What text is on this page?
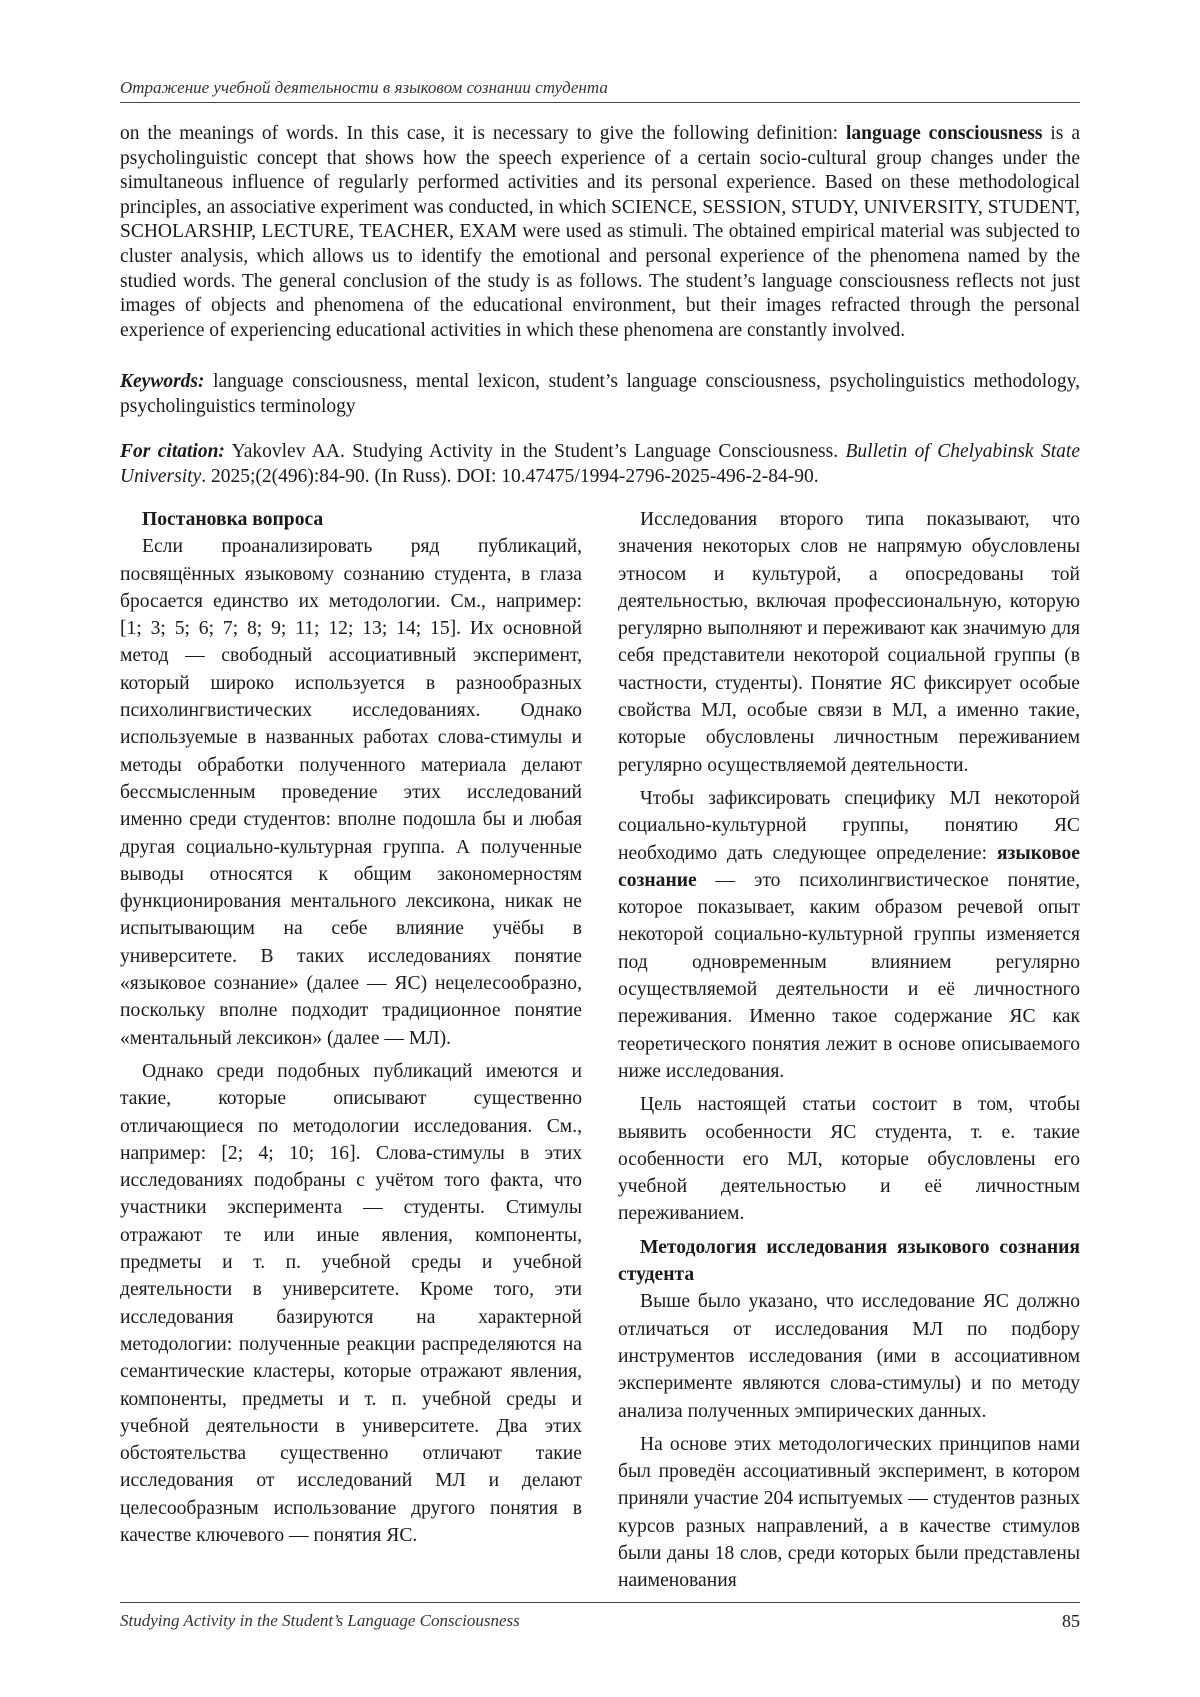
Отражение учебной деятельности в языковом сознании студента

on the meanings of words. In this case, it is necessary to give the following definition: language consciousness is a psycholinguistic concept that shows how the speech experience of a certain socio-cultural group changes under the simultaneous influence of regularly performed activities and its personal experience. Based on these methodological principles, an associative experiment was conducted, in which SCIENCE, SESSION, STUDY, UNIVERSITY, STUDENT, SCHOLARSHIP, LECTURE, TEACHER, EXAM were used as stimuli. The obtained empirical material was subjected to cluster analysis, which allows us to identify the emotional and personal experience of the phenomena named by the studied words. The general conclusion of the study is as follows. The student’s language consciousness reflects not just images of objects and phenomena of the educational environment, but their images refracted through the personal experience of experiencing educational activities in which these phenomena are constantly involved.

Keywords: language consciousness, mental lexicon, student’s language consciousness, psycholinguistics methodology, psycholinguistics terminology
For citation: Yakovlev AA. Studying Activity in the Student’s Language Consciousness. Bulletin of Chelyabinsk State University. 2025;(2(496):84-90. (In Russ). DOI: 10.47475/1994-2796-2025-496-2-84-90.
Постановка вопроса

Если проанализировать ряд публикаций, посвящённых языковому сознанию студента, в глаза бросается единство их методологии. См., например: [1; 3; 5; 6; 7; 8; 9; 11; 12; 13; 14; 15]. Их основной метод — свободный ассоциативный эксперимент, который широко используется в разнообразных психолингвистических исследованиях. Однако используемые в названных работах слова-стимулы и методы обработки полученного материала делают бессмысленным проведение этих исследований именно среди студентов: вполне подошла бы и любая другая социально-культурная группа. А полученные выводы относятся к общим закономерностям функционирования ментального лексикона, никак не испытывающим на себе влияние учёбы в университете. В таких исследованиях понятие «языковое сознание» (далее — ЯС) нецелесообразно, поскольку вполне подходит традиционное понятие «ментальный лексикон» (далее — МЛ).

Однако среди подобных публикаций имеются и такие, которые описывают существенно отличающиеся по методологии исследования. См., например: [2; 4; 10; 16]. Слова-стимулы в этих исследованиях подобраны с учётом того факта, что участники эксперимента — студенты. Стимулы отражают те или иные явления, компоненты, предметы и т. п. учебной среды и учебной деятельности в университете. Кроме того, эти исследования базируются на характерной методологии: полученные реакции распределяются на семантические кластеры, которые отражают явления, компоненты, предметы и т. п. учебной среды и учебной деятельности в университете. Два этих обстоятельства существенно отличают такие исследования от исследований МЛ и делают целесообразным использование другого понятия в качестве ключевого — понятия ЯС.

Исследования второго типа показывают, что значения некоторых слов не напрямую обусловлены этносом и культурой, а опосредованы той деятельностью, включая профессиональную, которую регулярно выполняют и переживают как значимую для себя представители некоторой социальной группы (в частности, студенты). Понятие ЯС фиксирует особые свойства МЛ, особые связи в МЛ, а именно такие, которые обусловлены личностным переживанием регулярно осуществляемой деятельности.

Чтобы зафиксировать специфику МЛ некоторой социально-культурной группы, понятию ЯС необходимо дать следующее определение: языковое сознание — это психолингвистическое понятие, которое показывает, каким образом речевой опыт некоторой социально-культурной группы изменяется под одновременным влиянием регулярно осуществляемой деятельности и её личностного переживания. Именно такое содержание ЯС как теоретического понятия лежит в основе описываемого ниже исследования.

Цель настоящей статьи состоит в том, чтобы выявить особенности ЯС студента, т. е. такие особенности его МЛ, которые обусловлены его учебной деятельностью и её личностным переживанием.

Методология исследования языкового сознания студента

Выше было указано, что исследование ЯС должно отличаться от исследования МЛ по подбору инструментов исследования (ими в ассоциативном эксперименте являются слова-стимулы) и по методу анализа полученных эмпирических данных.

На основе этих методологических принципов нами был проведён ассоциативный эксперимент, в котором приняли участие 204 испытуемых — студентов разных курсов разных направлений, а в качестве стимулов были даны 18 слов, среди которых были представлены наименования

Studying Activity in the Student’s Language Consciousness	85
